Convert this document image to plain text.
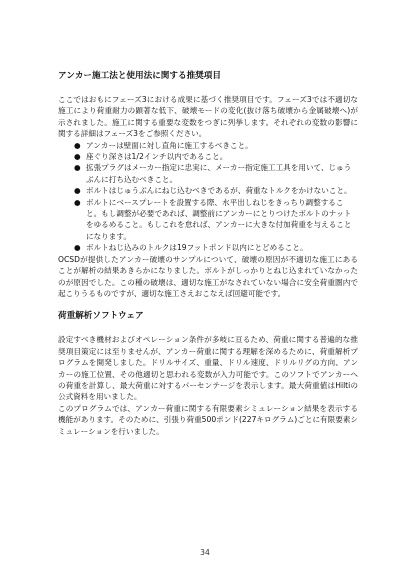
アンカー施工法と使用法に関する推奨項目

ここではおもにフェーズ3における成果に基づく推奨項目です。フェーズ3では不適切な施工により荷重耐力の顕著な低下、破壊モードの変化(抜け落ち破壊から金属破壊へ)が示されました。施工に関する重要な変数をつぎに列挙します。それぞれの変数の影響に関する詳細はフェーズ3をご参照ください。

● アンカーは壁面に対し直角に施工するべきこと。
● 座ぐり深さは1/2インチ以内であること。
● 拡張プラグはメーカー指定に忠実に、メーカー指定施工工具を用いて、じゅうぶんに打ち込むべきこと。
● ボルトはじゅうぶんにねじ込むべきであるが、荷重なトルクをかけないこと。
● ボルトにベースプレートを設置する際、水平出しねじをきっちり調整すること。もし調整が必要であれば、調整前にアンカーにとりつけたボルトのナットをゆるめること。もしこれを怠れば、アンカーに大きな付加荷重を与えることになります。
● ボルトねじ込みのトルクは19フットポンド以内にとどめること。

OCSDが提供したアンカー破壊のサンプルについて、破壊の原因が不適切な施工にあることが解析の結果あきらかになりました。ボルトがしっかりとねじ込まれていなかったのが原因でした。この種の破壊は、適切な施工がなされていない場合に安全荷重圏内で起こりうるものですが、適切な施工さえおこなえば回避可能です。

荷重解析ソフトウェア

設定すべき機材およびオペレーション条件が多岐に亘るため、荷重に関する普遍的な推奨項目策定には至りませんが、アンカー荷重に関する理解を深めるために、荷重解析プログラムを開発しました。ドリルサイズ、重量、ドリル速度、ドリルリグの方向、アンカーの施工位置、その他適切と思われる変数が入力可能です。このソフトでアンカーへの荷重を計算し、最大荷重に対するパーセンテージを表示します。最大荷重値はHiltiの公式資料を用いました。

このプログラムでは、アンカー荷重に関する有限要素シミュレーション結果を表示する機能があります。そのために、引張り荷重500ポンド(227キログラム)ごとに有限要素シミュレーションを行いました。

34
